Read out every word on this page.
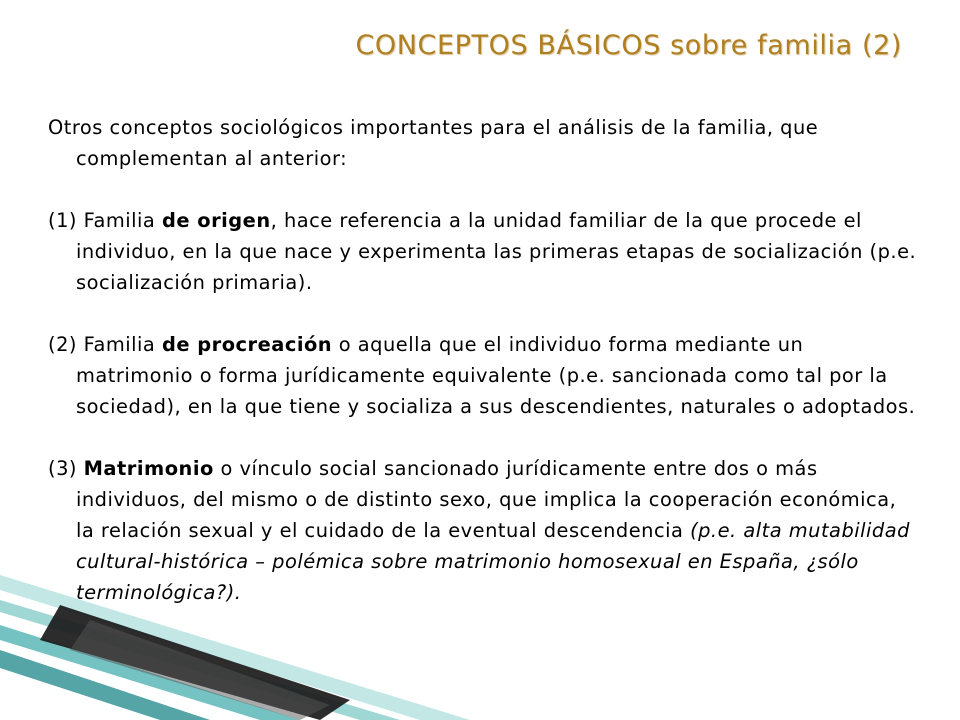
CONCEPTOS BÁSICOS sobre familia (2)

Otros conceptos sociológicos importantes para el análisis de la familia, que complementan al anterior:

(1) Familia de origen, hace referencia a la unidad familiar de la que procede el individuo, en la que nace y experimenta las primeras etapas de socialización (p.e. socialización primaria).

(2) Familia de procreación o aquella que el individuo forma mediante un matrimonio o forma jurídicamente equivalente (p.e. sancionada como tal por la sociedad), en la que tiene y socializa a sus descendientes, naturales o adoptados.

(3) Matrimonio o vínculo social sancionado jurídicamente entre dos o más individuos, del mismo o de distinto sexo, que implica la cooperación económica, la relación sexual y el cuidado de la eventual descendencia (p.e. alta mutabilidad cultural-histórica – polémica sobre matrimonio homosexual en España, ¿sólo terminológica?).
